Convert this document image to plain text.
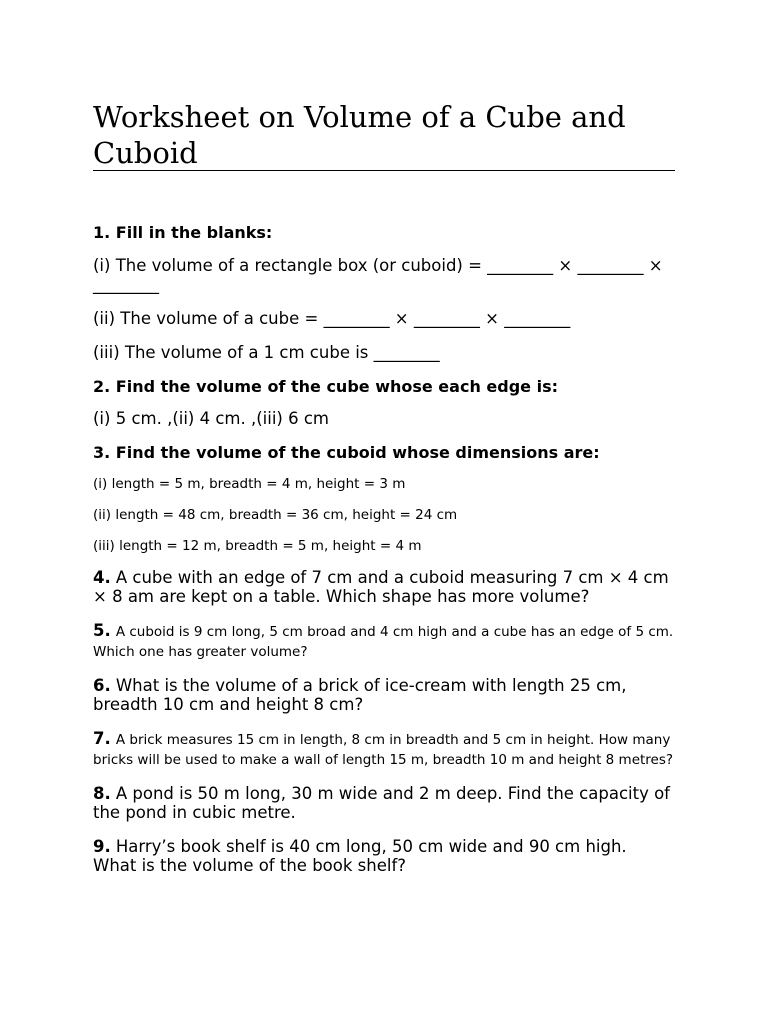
Worksheet on Volume of a Cube and Cuboid

1. Fill in the blanks:

(i) The volume of a rectangle box (or cuboid) = ________ × ________ × ________

(ii) The volume of a cube = ________ × ________ × ________

(iii) The volume of a 1 cm cube is ________

2. Find the volume of the cube whose each edge is:

(i) 5 cm. ,(ii) 4 cm. ,(iii) 6 cm

3. Find the volume of the cuboid whose dimensions are:

(i) length = 5 m, breadth = 4 m, height = 3 m

(ii) length = 48 cm, breadth = 36 cm, height = 24 cm

(iii) length = 12 m, breadth = 5 m, height = 4 m

4. A cube with an edge of 7 cm and a cuboid measuring 7 cm × 4 cm × 8 am are kept on a table. Which shape has more volume?

5. A cuboid is 9 cm long, 5 cm broad and 4 cm high and a cube has an edge of 5 cm. Which one has greater volume?

6. What is the volume of a brick of ice-cream with length 25 cm, breadth 10 cm and height 8 cm?

7. A brick measures 15 cm in length, 8 cm in breadth and 5 cm in height. How many bricks will be used to make a wall of length 15 m, breadth 10 m and height 8 metres?

8. A pond is 50 m long, 30 m wide and 2 m deep. Find the capacity of the pond in cubic metre.

9. Harry’s book shelf is 40 cm long, 50 cm wide and 90 cm high. What is the volume of the book shelf?
